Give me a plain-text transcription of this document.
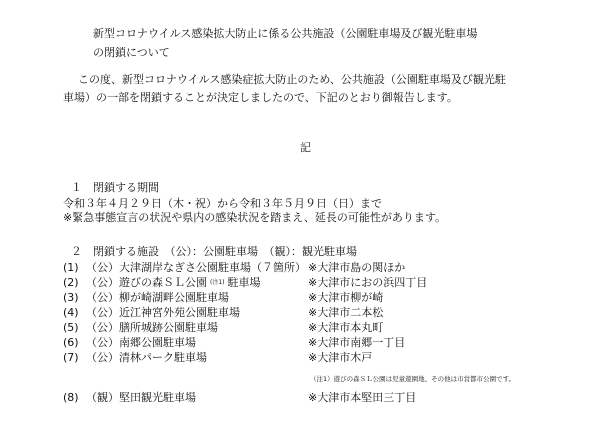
新型コロナウイルス感染拡大防止に係る公共施設（公園駐車場及び観光駐車場
の閉鎖について
この度、新型コロナウイルス感染症拡大防止のため、公共施設（公園駐車場及び観光駐
車場）の一部を閉鎖することが決定しましたので、下記のとおり御報告します。
記
１　閉鎖する期間
令和３年４月２９日（木・祝）から令和３年５月９日（日）まで
※緊急事態宣言の状況や県内の感染状況を踏まえ、延長の可能性があります。
２　閉鎖する施設　（公）：公園駐車場　（観）：観光駐車場
(1) （公）大津湖岸なぎさ公園駐車場（７箇所） ※大津市島の関ほか
(2) （公）遊びの森ＳＬ公園 (注1) 駐車場	※大津市におの浜四丁目
(3) （公）柳が崎湖畔公園駐車場	※大津市柳が崎
(4) （公）近江神宮外苑公園駐車場	※大津市二本松
(5) （公）膳所城跡公園駐車場	※大津市本丸町
(6) （公）南郷公園駐車場	※大津市南郷一丁目
(7) （公）清林パーク駐車場	※大津市木戸
（注1）遊びの森ＳＬ公園は児童遊園地、その他は市営都市公園です。
(8) （観）堅田観光駐車場	※大津市本堅田三丁目
